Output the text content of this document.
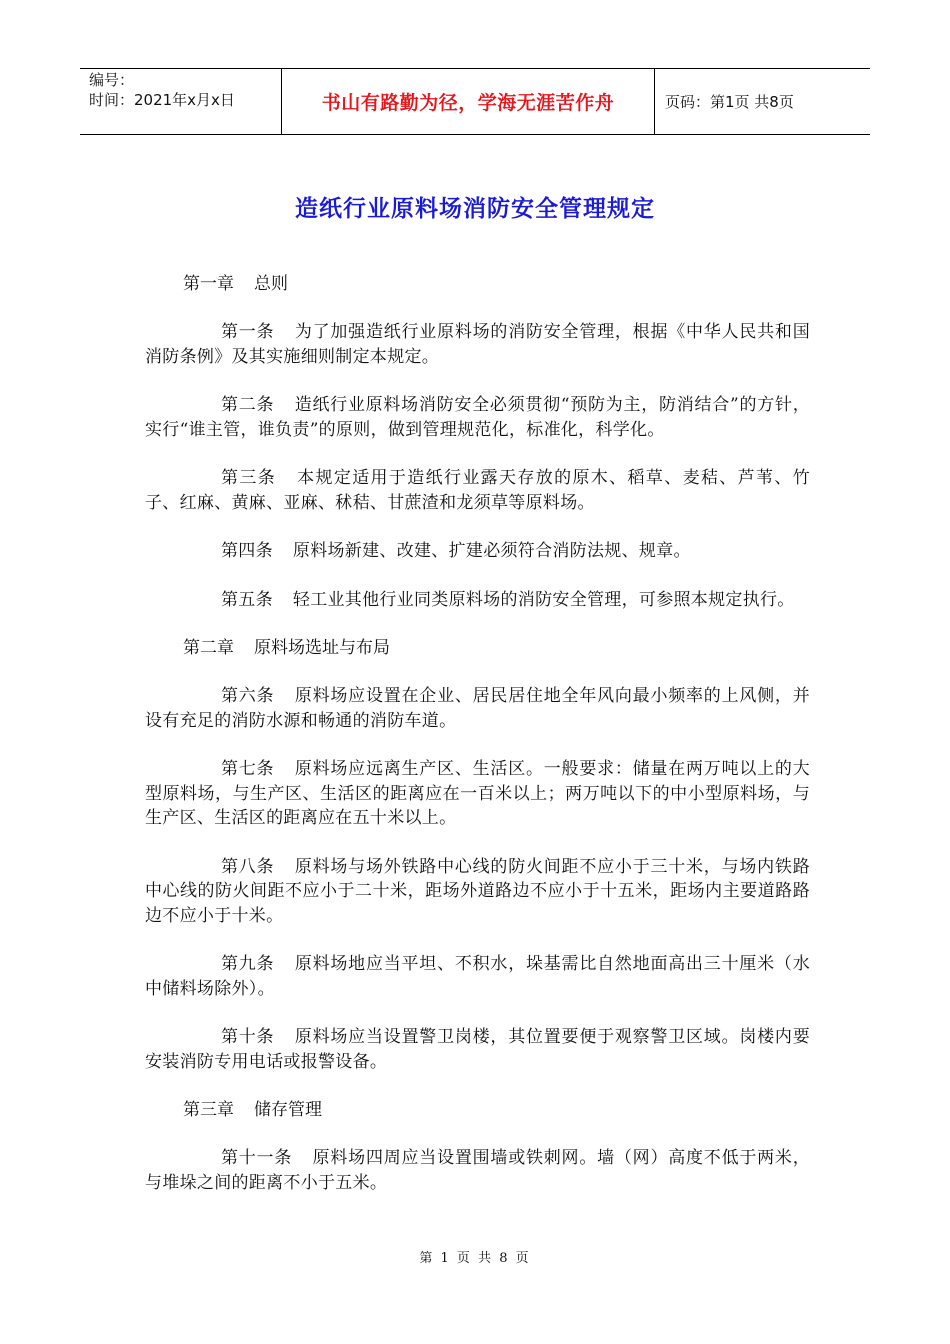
编号：
时间：2021年x月x日	书山有路勤为径，学海无涯苦作舟	页码：第1页 共8页
造纸行业原料场消防安全管理规定

第一章 总则

第一条 为了加强造纸行业原料场的消防安全管理，根据《中华人民共和国消防条例》及其实施细则制定本规定。

第二条 造纸行业原料场消防安全必须贯彻“预防为主，防消结合”的方针，实行“谁主管，谁负责”的原则，做到管理规范化，标准化，科学化。

第三条 本规定适用于造纸行业露天存放的原木、稻草、麦秸、芦苇、竹子、红麻、黄麻、亚麻、秫秸、甘蔗渣和龙须草等原料场。

第四条 原料场新建、改建、扩建必须符合消防法规、规章。

第五条 轻工业其他行业同类原料场的消防安全管理，可参照本规定执行。

第二章 原料场选址与布局

第六条 原料场应设置在企业、居民居住地全年风向最小频率的上风侧，并设有充足的消防水源和畅通的消防车道。

第七条 原料场应远离生产区、生活区。一般要求：储量在两万吨以上的大型原料场，与生产区、生活区的距离应在一百米以上；两万吨以下的中小型原料场，与生产区、生活区的距离应在五十米以上。

第八条 原料场与场外铁路中心线的防火间距不应小于三十米，与场内铁路中心线的防火间距不应小于二十米，距场外道路边不应小于十五米，距场内主要道路路边不应小于十米。

第九条 原料场地应当平坦、不积水，垛基需比自然地面高出三十厘米（水中储料场除外）。

第十条 原料场应当设置警卫岗楼，其位置要便于观察警卫区域。岗楼内要安装消防专用电话或报警设备。

第三章 储存管理

第十一条 原料场四周应当设置围墙或铁刺网。墙（网）高度不低于两米，与堆垛之间的距离不小于五米。

第 1 页 共 8 页
